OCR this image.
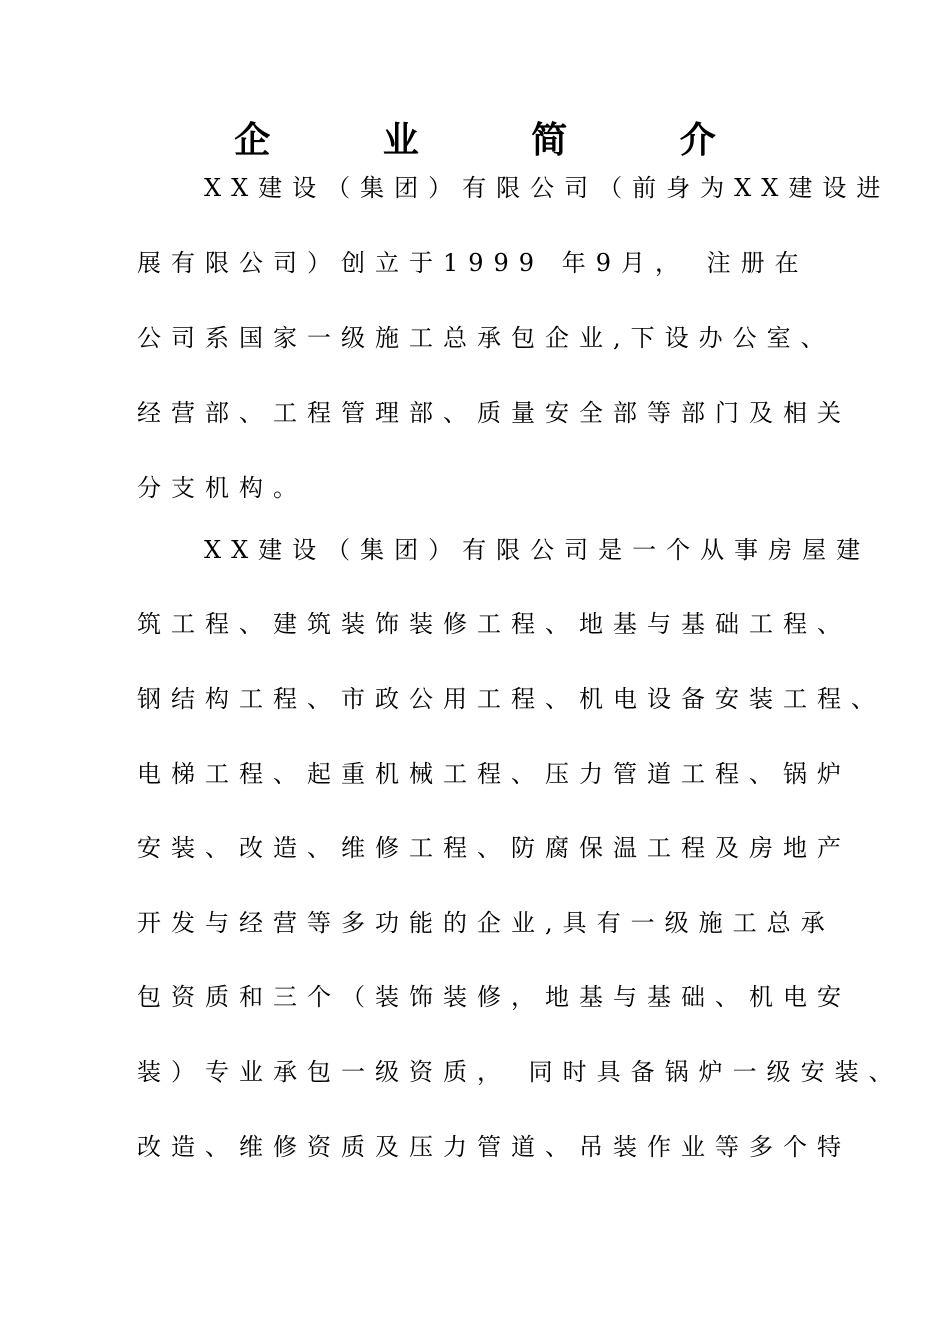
企 业 简 介
XX建设（集团）有限公司（前身为XX建设进
展有限公司）创立于1999 年9月， 注册在
公司系国家一级施工总承包企业,下设办公室、
经营部、工程管理部、质量安全部等部门及相关
分支机构。
XX建设（集团）有限公司是一个从事房屋建
筑工程、建筑装饰装修工程、地基与基础工程、
钢结构工程、市政公用工程、机电设备安装工程、
电梯工程、起重机械工程、压力管道工程、锅炉
安装、改造、维修工程、防腐保温工程及房地产
开发与经营等多功能的企业,具有一级施工总承
包资质和三个（装饰装修，地基与基础、机电安
装）专业承包一级资质， 同时具备锅炉一级安装、
改造、维修资质及压力管道、吊装作业等多个特
